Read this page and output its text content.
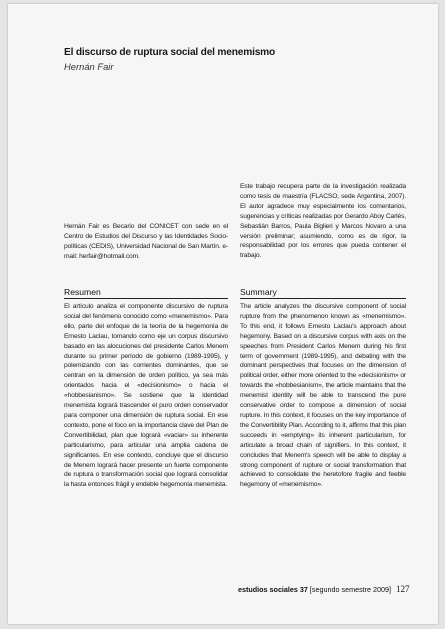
El discurso de ruptura social del menemismo
Hernán Fair
Este trabajo recupera parte de la investigación realizada como tesis de maestría (FLACSO, sede Argentina, 2007). El autor agradece muy especialmente los comentarios, sugerencias y críticas realizadas por Gerardo Aboy Carlés, Sebastián Barros, Paula Biglieri y Marcos Novaro a una versión preliminar; asumiendo, como es de rigor, la responsabilidad por los errores que pueda contener el trabajo.
Hernán Fair es Becario del CONICET con sede en el Centro de Estudios del Discurso y las Identidades Socio-políticas (CEDIS), Universidad Nacional de San Martín. e-mail: herfair@hotmail.com.
Resumen
El artículo analiza el componente discursivo de ruptura social del fenómeno conocido como «menemismo». Para ello, parte del enfoque de la teoría de la hegemonía de Ernesto Laclau, tomando como eje un corpus discursivo basado en las alocuciones del presidente Carlos Menem durante su primer período de gobierno (1989-1995), y polemizando con las corrientes dominantes, que se centran en la dimensión de orden político, ya sea más orientados hacia el «decisionismo» o hacia el «hobbesianismo». Se sostiene que la identidad menemista logrará trascender el puro orden conservador para componer una dimensión de ruptura social. En ese contexto, pone el foco en la importancia clave del Plan de Convertibilidad, plan que logrará «vaciar» su inherente particularismo, para articular una amplia cadena de significantes. En ese contexto, concluye que el discurso de Menem logrará hacer presente un fuerte componente de ruptura o transformación social que logrará consolidar la hasta entonces frágil y endeble hegemonía menemista.
Summary
The article analyzes the discursive component of social rupture from the phenomenon known as «menemismo». To this end, it follows Ernesto Laclau's approach about hegemony. Based on a discursive corpus with axis on the speeches from President Carlos Menem during his first term of government (1989-1995), and debating with the dominant perspectives that focuses on the dimension of political order, either more oriented to the «decisionism» or towards the «hobbesianism», the article maintains that the menemist identity will be able to transcend the pure conservative order to compose a dimension of social rupture. In this context, it focuses on the key importance of the Convertibility Plan. According to it, affirms that this plan succeeds in «emptying» its inherent particularism, for articulate a broad chain of signifiers. In this context, it concludes that Menem's speech will be able to display a strong component of rupture or social transformation that achieved to consolidate the heretofore fragile and feeble hegemony of «menemismo».
estudios sociales 37 [segundo semestre 2009] 127
